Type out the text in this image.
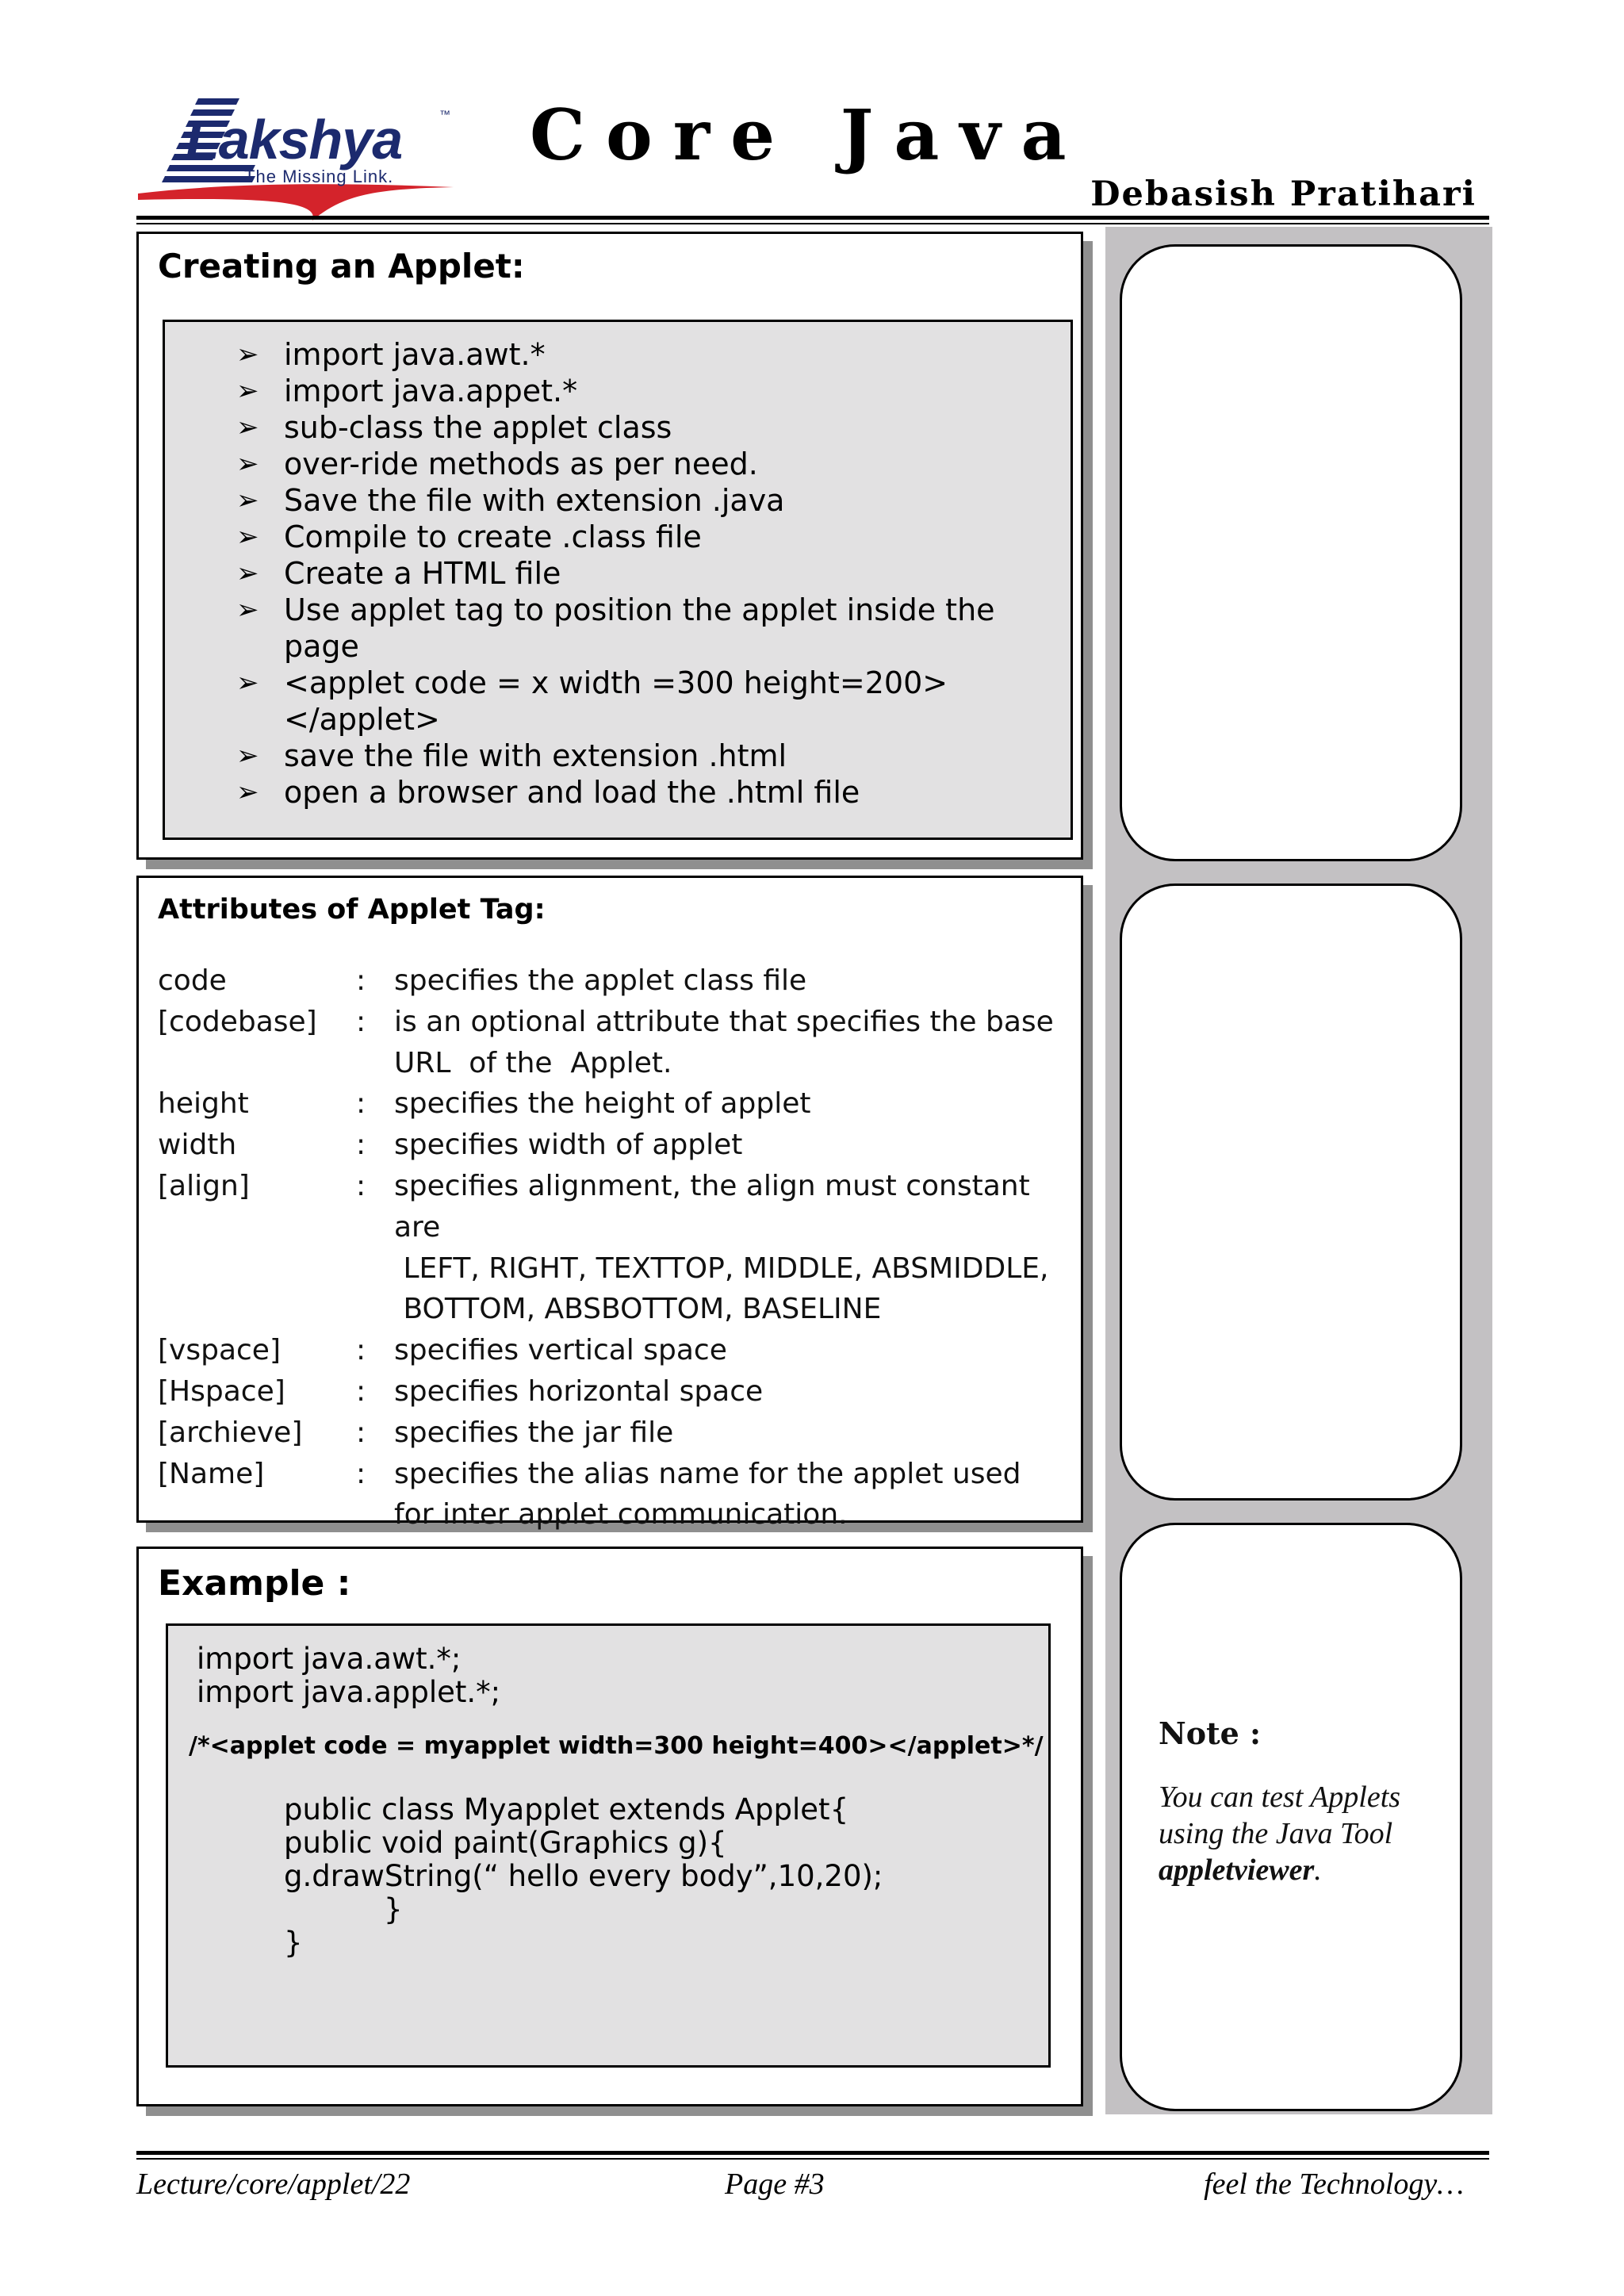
Lakshya	™
... The Missing Link.
Core Java
Debasish Pratihari
Note :
You can test Applets using the Java Tool appletviewer.
Creating an Applet:
➢ import java.awt.*
➢ import java.appet.*
➢ sub-class the applet class
➢ over-ride methods as per need.
➢ Save the file with extension .java
➢ Compile to create .class file
➢ Create a HTML file
➢ Use applet tag to position the applet inside the page
➢ <applet code = x width =300 height=200> </applet>
➢ save the file with extension .html
➢ open a browser and load the .html file
Attributes of Applet Tag:
code	: specifies the applet class file
[codebase] : is an optional attribute that specifies the base
URL  of the  Applet.
height	: specifies the height of applet
width	: specifies width of applet
[align]	: specifies alignment, the align must constant are
LEFT, RIGHT, TEXTTOP, MIDDLE, ABSMIDDLE,
BOTTOM, ABSBOTTOM, BASELINE
[vspace]	: specifies vertical space
[Hspace] : specifies horizontal space
[archieve] : specifies the jar file
[Name]	: specifies the alias name for the applet used
for inter applet communication.
Example :
import java.awt.*;
import java.applet.*;
/*<applet code = myapplet width=300 height=400></applet>*/
public class Myapplet extends Applet{
public void paint(Graphics g){
g.drawString(“ hello every body”,10,20);
}
}
Lecture/core/applet/22	Page #3	feel the Technology…
